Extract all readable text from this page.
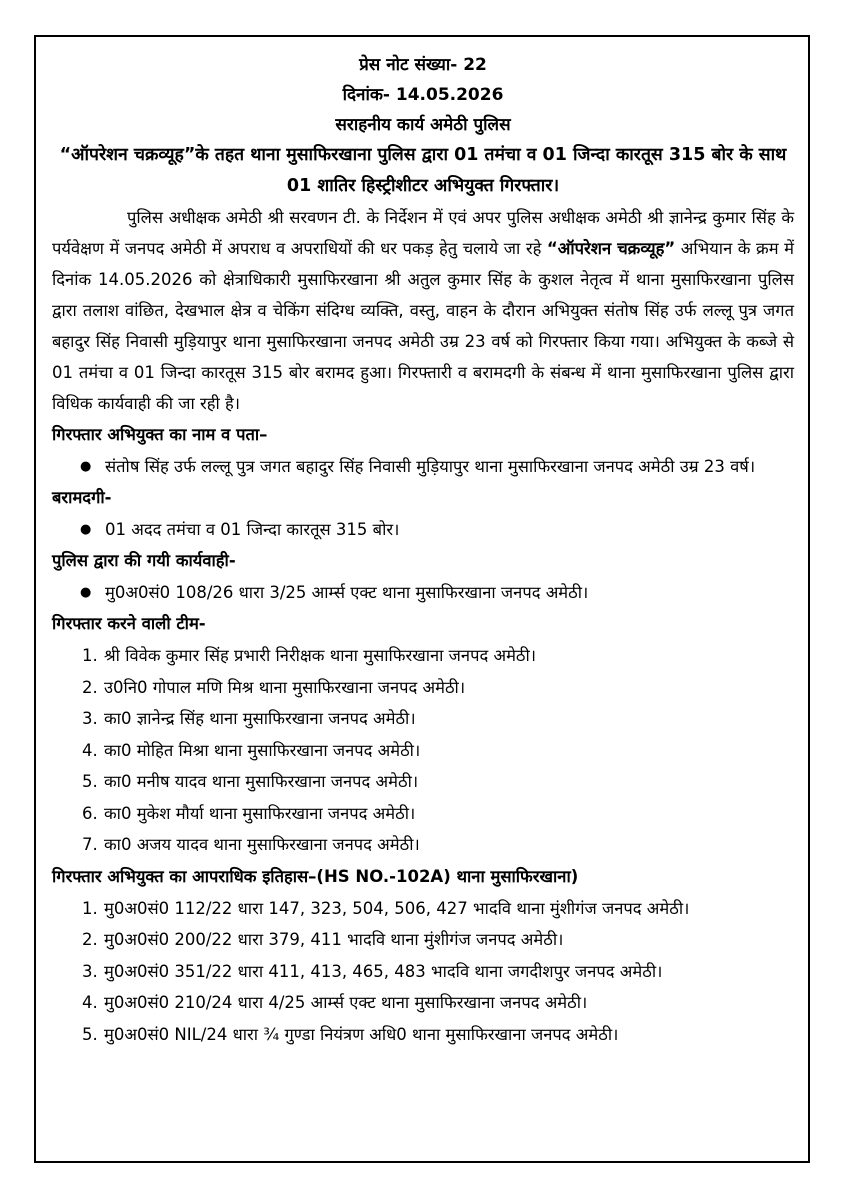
प्रेस नोट संख्या- 22
दिनांक- 14.05.2026
सराहनीय कार्य अमेठी पुलिस
“ऑपरेशन चक्रव्यूह”के तहत थाना मुसाफिरखाना पुलिस द्वारा 01 तमंचा व 01 जिन्दा कारतूस 315 बोर के साथ 01 शातिर हिस्ट्रीशीटर अभियुक्त गिरफ्तार।

पुलिस अधीक्षक अमेठी श्री सरवणन टी. के निर्देशन में एवं अपर पुलिस अधीक्षक अमेठी श्री ज्ञानेन्द्र कुमार सिंह के पर्यवेक्षण में जनपद अमेठी में अपराध व अपराधियों की धर पकड़ हेतु चलाये जा रहे “ऑपरेशन चक्रव्यूह” अभियान के क्रम में दिनांक 14.05.2026 को क्षेत्राधिकारी मुसाफिरखाना श्री अतुल कुमार सिंह के कुशल नेतृत्व में थाना मुसाफिरखाना पुलिस द्वारा तलाश वांछित, देखभाल क्षेत्र व चेकिंग संदिग्ध व्यक्ति, वस्तु, वाहन के दौरान अभियुक्त संतोष सिंह उर्फ लल्लू पुत्र जगत बहादुर सिंह निवासी मुड़ियापुर थाना मुसाफिरखाना जनपद अमेठी उम्र 23 वर्ष को गिरफ्तार किया गया। अभियुक्त के कब्जे से 01 तमंचा व 01 जिन्दा कारतूस 315 बोर बरामद हुआ। गिरफ्तारी व बरामदगी के संबन्ध में थाना मुसाफिरखाना पुलिस द्वारा विधिक कार्यवाही की जा रही है।

गिरफ्तार अभियुक्त का नाम व पता–

● संतोष सिंह उर्फ लल्लू पुत्र जगत बहादुर सिंह निवासी मुड़ियापुर थाना मुसाफिरखाना जनपद अमेठी उम्र 23 वर्ष।

बरामदगी-

● 01 अदद तमंचा व 01 जिन्दा कारतूस 315 बोर।

पुलिस द्वारा की गयी कार्यवाही-

● मु0अ0सं0 108/26 धारा 3/25 आर्म्स एक्ट थाना मुसाफिरखाना जनपद अमेठी।

गिरफ्तार करने वाली टीम-

1. श्री विवेक कुमार सिंह प्रभारी निरीक्षक थाना मुसाफिरखाना जनपद अमेठी।
2. उ0नि0 गोपाल मणि मिश्र थाना मुसाफिरखाना जनपद अमेठी।
3. का0 ज्ञानेन्द्र सिंह थाना मुसाफिरखाना जनपद अमेठी।
4. का0 मोहित मिश्रा थाना मुसाफिरखाना जनपद अमेठी।
5. का0 मनीष यादव थाना मुसाफिरखाना जनपद अमेठी।
6. का0 मुकेश मौर्या थाना मुसाफिरखाना जनपद अमेठी।
7. का0 अजय यादव थाना मुसाफिरखाना जनपद अमेठी।

गिरफ्तार अभियुक्त का आपराधिक इतिहास–(HS NO.-102A) थाना मुसाफिरखाना)

1. मु0अ0सं0 112/22 धारा 147, 323, 504, 506, 427 भादवि थाना मुंशीगंज जनपद अमेठी।
2. मु0अ0सं0 200/22 धारा 379, 411 भादवि थाना मुंशीगंज जनपद अमेठी।
3. मु0अ0सं0 351/22 धारा 411, 413, 465, 483 भादवि थाना जगदीशपुर जनपद अमेठी।
4. मु0अ0सं0 210/24 धारा 4/25 आर्म्स एक्ट थाना मुसाफिरखाना जनपद अमेठी।
5. मु0अ0सं0 NIL/24 धारा ¾ गुण्डा नियंत्रण अधि0 थाना मुसाफिरखाना जनपद अमेठी।
